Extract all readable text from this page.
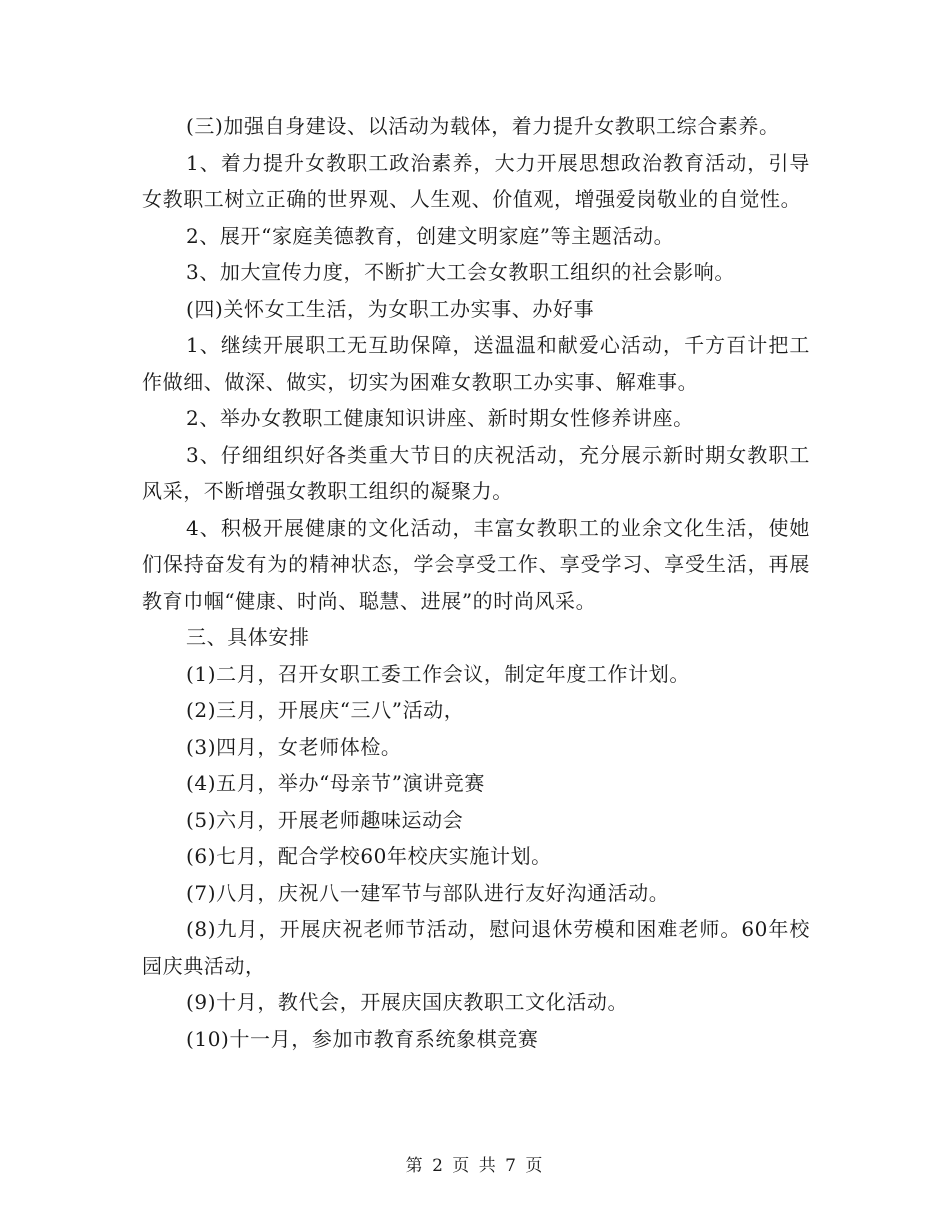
(三)加强自身建设、以活动为载体，着力提升女教职工综合素养。

1、着力提升女教职工政治素养，大力开展思想政治教育活动，引导女教职工树立正确的世界观、人生观、价值观，增强爱岗敬业的自觉性。

2、展开“家庭美德教育，创建文明家庭”等主题活动。

3、加大宣传力度，不断扩大工会女教职工组织的社会影响。

(四)关怀女工生活，为女职工办实事、办好事

1、继续开展职工无互助保障，送温温和献爱心活动，千方百计把工作做细、做深、做实，切实为困难女教职工办实事、解难事。

2、举办女教职工健康知识讲座、新时期女性修养讲座。

3、仔细组织好各类重大节日的庆祝活动，充分展示新时期女教职工风采，不断增强女教职工组织的凝聚力。

4、积极开展健康的文化活动，丰富女教职工的业余文化生活，使她们保持奋发有为的精神状态，学会享受工作、享受学习、享受生活，再展教育巾帼“健康、时尚、聪慧、进展”的时尚风采。

三、具体安排

(1)二月，召开女职工委工作会议，制定年度工作计划。

(2)三月，开展庆“三八”活动，

(3)四月，女老师体检。

(4)五月，举办“母亲节”演讲竞赛

(5)六月，开展老师趣味运动会

(6)七月，配合学校60年校庆实施计划。

(7)八月，庆祝八一建军节与部队进行友好沟通活动。

(8)九月，开展庆祝老师节活动，慰问退休劳模和困难老师。60年校园庆典活动，

(9)十月，教代会，开展庆国庆教职工文化活动。

(10)十一月，参加市教育系统象棋竞赛

第 2 页 共 7 页
